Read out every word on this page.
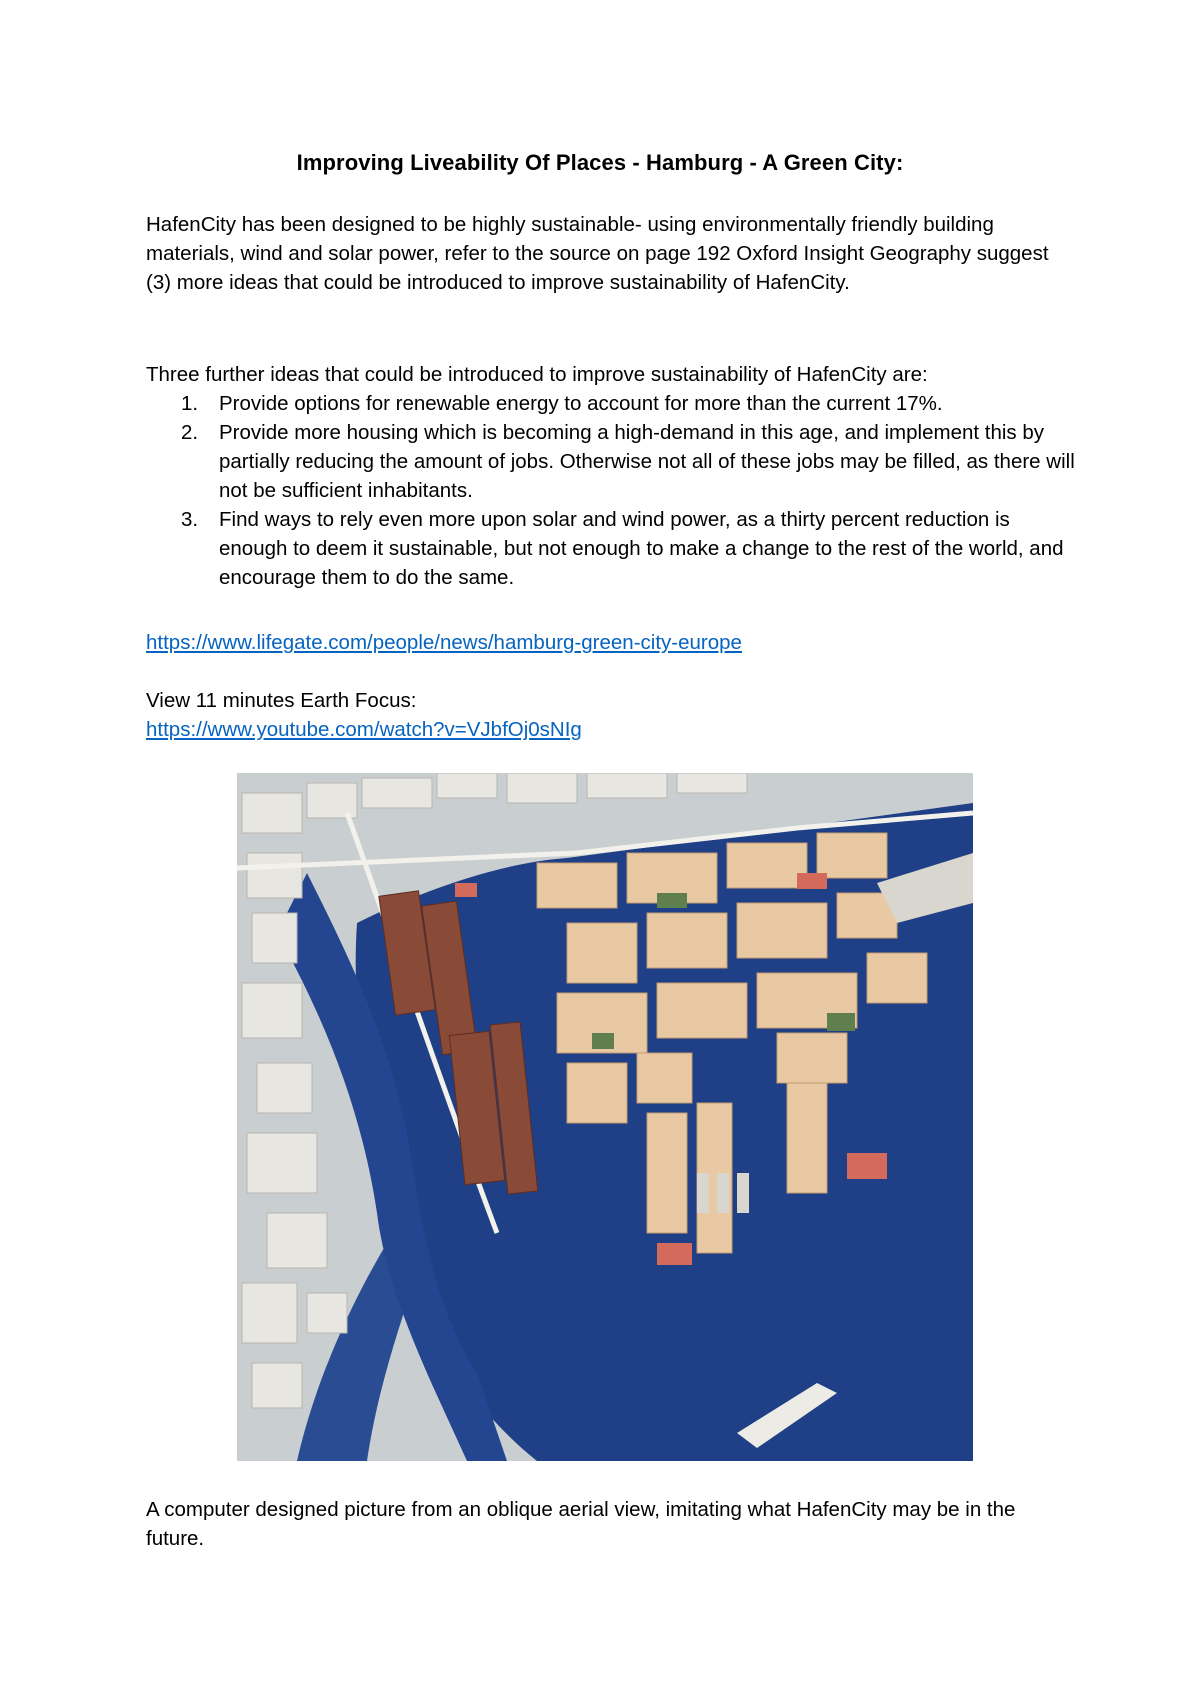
Improving Liveability Of Places - Hamburg - A Green City:

HafenCity has been designed to be highly sustainable- using environmentally friendly building materials, wind and solar power, refer to the source on page 192 Oxford Insight Geography suggest (3) more ideas that could be introduced to improve sustainability of HafenCity.

Three further ideas that could be introduced to improve sustainability of HafenCity are:

1. Provide options for renewable energy to account for more than the current 17%.
2. Provide more housing which is becoming a high-demand in this age, and implement this by partially reducing the amount of jobs. Otherwise not all of these jobs may be filled, as there will not be sufficient inhabitants.
3. Find ways to rely even more upon solar and wind power, as a thirty percent reduction is enough to deem it sustainable, but not enough to make a change to the rest of the world, and encourage them to do the same.
https://www.lifegate.com/people/news/hamburg-green-city-europe
View 11 minutes Earth Focus:
https://www.youtube.com/watch?v=VJbfOj0sNIg

A computer designed picture from an oblique aerial view, imitating what HafenCity may be in the future.
